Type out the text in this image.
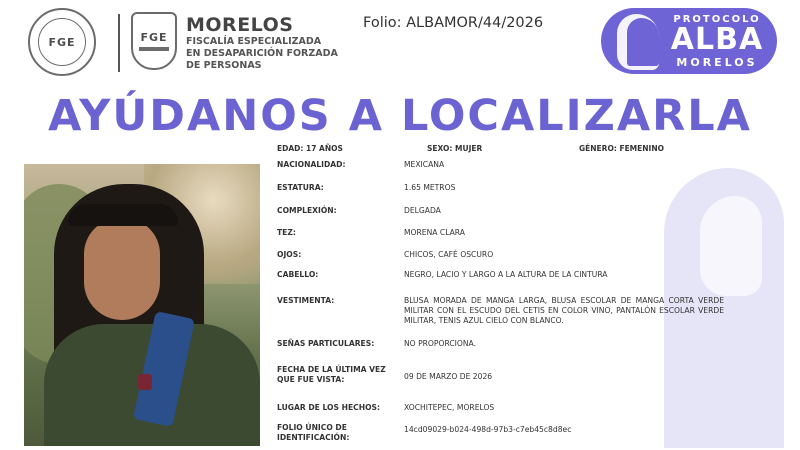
FGE	FGE
MORELOS
FISCALÍA ESPECIALIZADA
EN DESAPARICIÓN FORZADA
DE PERSONAS
Folio: ALBAMOR/44/2026	PROTOCOLO
ALBA
MORELOS
AYÚDANOS A LOCALIZARLA
EDAD: 17 AÑOS	SEXO: MUJER	GÉNERO: FEMENINO
NACIONALIDAD:	MEXICANA
ESTATURA:	1.65 METROS
COMPLEXIÓN:	DELGADA
TEZ:	MORENA CLARA
OJOS:	CHICOS, CAFÉ OSCURO
CABELLO:	NEGRO, LACIO Y LARGO A LA ALTURA DE LA CINTURA
VESTIMENTA:	BLUSA MORADA DE MANGA LARGA, BLUSA ESCOLAR DE MANGA CORTA VERDE MILITAR CON EL ESCUDO DEL CETIS EN COLOR VINO, PANTALÓN ESCOLAR VERDE MILITAR, TENIS AZUL CIELO CON BLANCO.
SEÑAS PARTICULARES:	NO PROPORCIONA.
FECHA DE LA ÚLTIMA VEZ
QUE FUE VISTA:	09 DE MARZO DE 2026
LUGAR DE LOS HECHOS:	XOCHITEPEC, MORELOS
FOLIO ÚNICO DE
IDENTIFICACIÓN:
14cd09029-b024-498d-97b3-c7eb45c8d8ec
